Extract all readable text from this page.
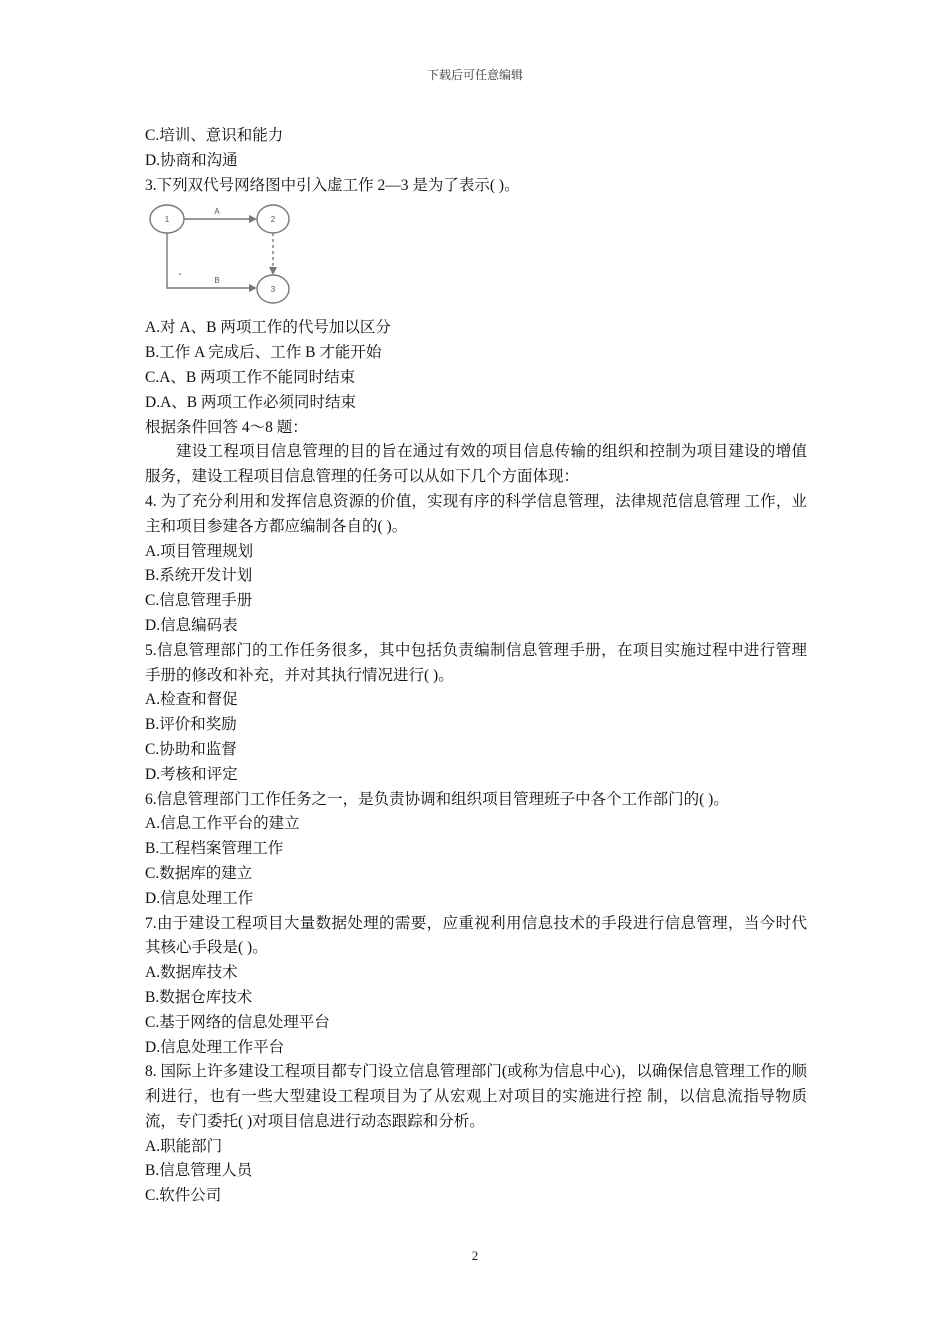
下载后可任意编辑
C.培训、意识和能力
D.协商和沟通
3.下列双代号网络图中引入虚工作 2—3 是为了表示( )。
1	2
3
A
B
A.对 A、B 两项工作的代号加以区分
B.工作 A 完成后、工作 B 才能开始
C.A、B 两项工作不能同时结束
D.A、B 两项工作必须同时结束
根据条件回答 4～8 题：
建设工程项目信息管理的目的旨在通过有效的项目信息传输的组织和控制为项目建设的增值服务，建设工程项目信息管理的任务可以从如下几个方面体现：
4. 为了充分利用和发挥信息资源的价值，实现有序的科学信息管理，法律规范信息管理 工作，业主和项目参建各方都应编制各自的( )。
A.项目管理规划
B.系统开发计划
C.信息管理手册
D.信息编码表
5.信息管理部门的工作任务很多，其中包括负责编制信息管理手册，在项目实施过程中进行管理手册的修改和补充，并对其执行情况进行( )。
A.检查和督促
B.评价和奖励
C.协助和监督
D.考核和评定
6.信息管理部门工作任务之一，是负责协调和组织项目管理班子中各个工作部门的( )。
A.信息工作平台的建立
B.工程档案管理工作
C.数据库的建立
D.信息处理工作
7.由于建设工程项目大量数据处理的需要，应重视利用信息技术的手段进行信息管理，当今时代其核心手段是( )。
A.数据库技术
B.数据仓库技术
C.基于网络的信息处理平台
D.信息处理工作平台
8. 国际上许多建设工程项目都专门设立信息管理部门(或称为信息中心)，以确保信息管理工作的顺利进行，也有一些大型建设工程项目为了从宏观上对项目的实施进行控 制，以信息流指导物质流，专门委托( )对项目信息进行动态跟踪和分析。
A.职能部门
B.信息管理人员
C.软件公司
2
